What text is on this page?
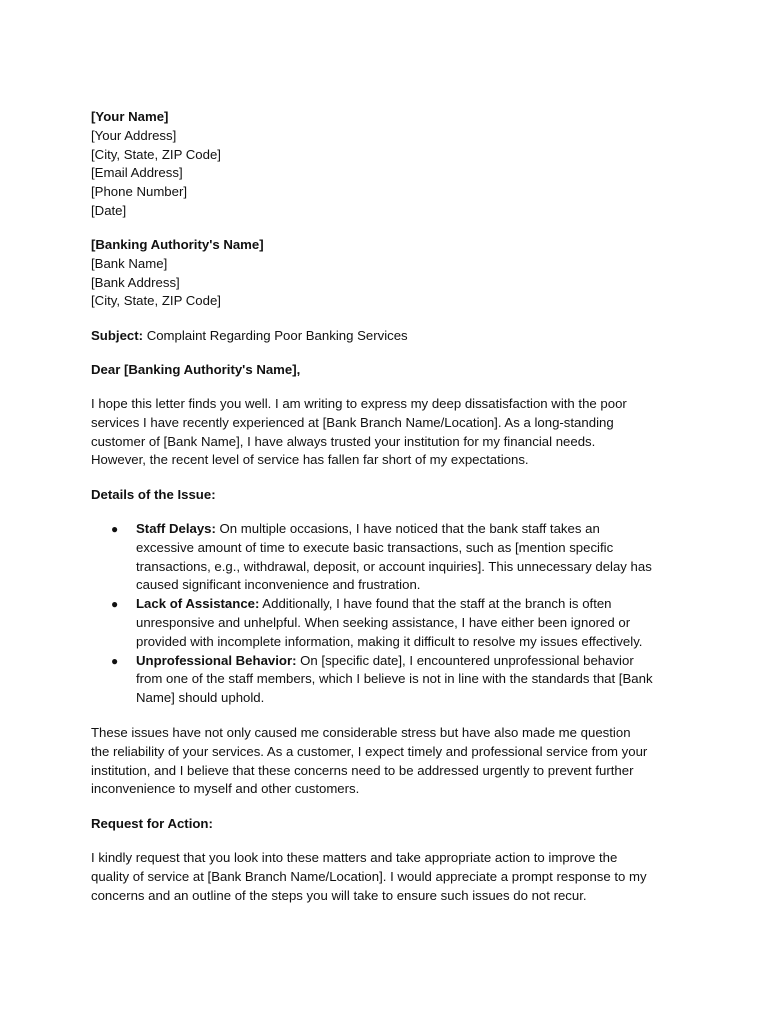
[Your Name]
[Your Address]
[City, State, ZIP Code]
[Email Address]
[Phone Number]
[Date]
[Banking Authority's Name]
[Bank Name]
[Bank Address]
[City, State, ZIP Code]
Subject: Complaint Regarding Poor Banking Services
Dear [Banking Authority's Name],
I hope this letter finds you well. I am writing to express my deep dissatisfaction with the poor
services I have recently experienced at [Bank Branch Name/Location]. As a long-standing
customer of [Bank Name], I have always trusted your institution for my financial needs.
However, the recent level of service has fallen far short of my expectations.
Details of the Issue:
● Staff Delays: On multiple occasions, I have noticed that the bank staff takes an
excessive amount of time to execute basic transactions, such as [mention specific
transactions, e.g., withdrawal, deposit, or account inquiries]. This unnecessary delay has
caused significant inconvenience and frustration.
● Lack of Assistance: Additionally, I have found that the staff at the branch is often
unresponsive and unhelpful. When seeking assistance, I have either been ignored or
provided with incomplete information, making it difficult to resolve my issues effectively.
● Unprofessional Behavior: On [specific date], I encountered unprofessional behavior
from one of the staff members, which I believe is not in line with the standards that [Bank
Name] should uphold.
These issues have not only caused me considerable stress but have also made me question
the reliability of your services. As a customer, I expect timely and professional service from your
institution, and I believe that these concerns need to be addressed urgently to prevent further
inconvenience to myself and other customers.
Request for Action:
I kindly request that you look into these matters and take appropriate action to improve the
quality of service at [Bank Branch Name/Location]. I would appreciate a prompt response to my
concerns and an outline of the steps you will take to ensure such issues do not recur.
